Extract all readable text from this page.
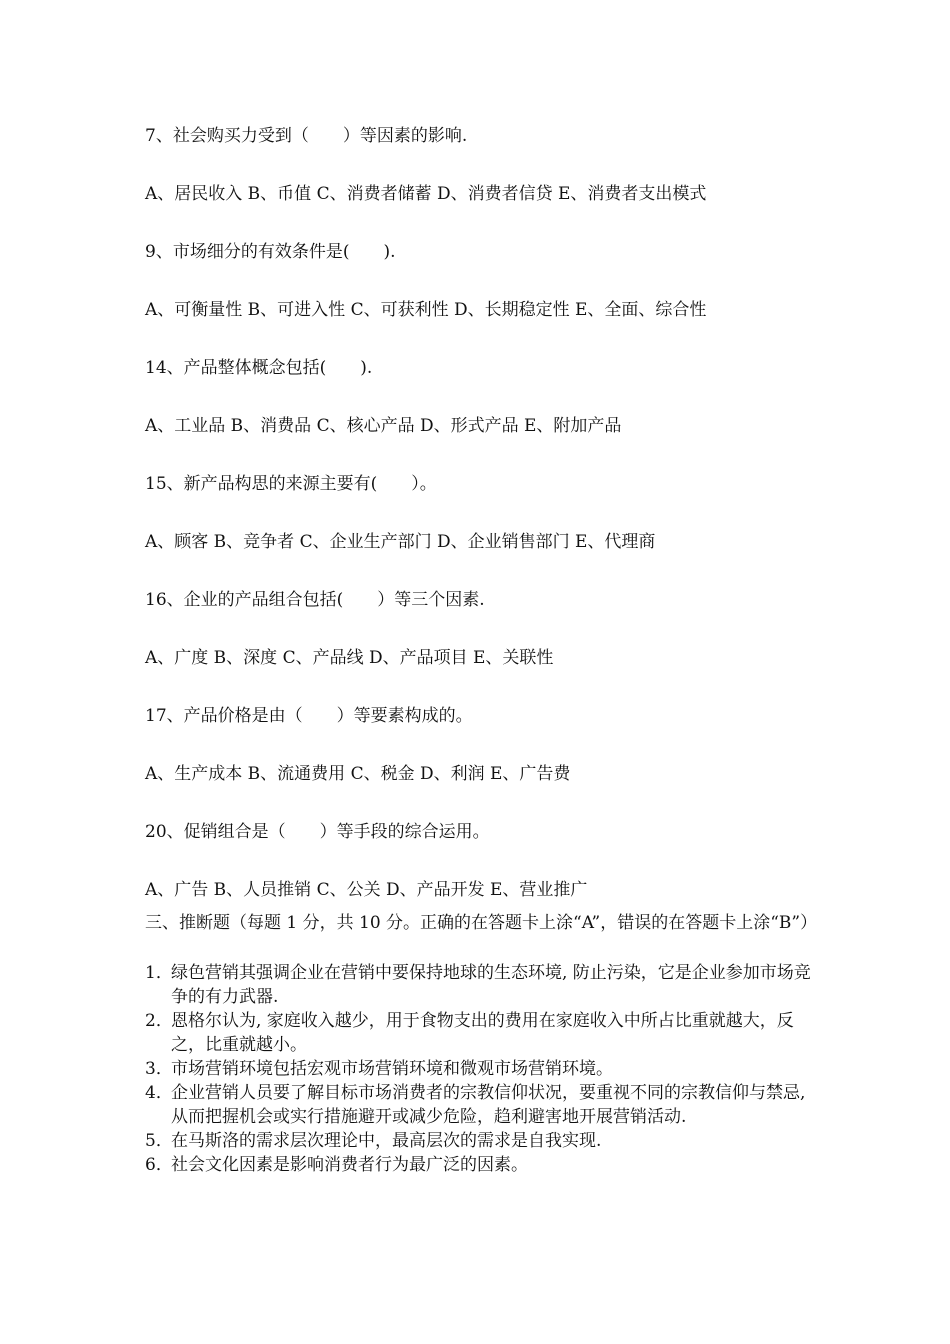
7、社会购买力受到（　　）等因素的影响.
A、居民收入 B、币值 C、消费者储蓄 D、消费者信贷 E、消费者支出模式
9、市场细分的有效条件是(　　).
A、可衡量性 B、可进入性 C、可获利性 D、长期稳定性 E、全面、综合性
14、产品整体概念包括(　　).
A、工业品 B、消费品 C、核心产品 D、形式产品 E、附加产品
15、新产品构思的来源主要有(　　）。
A、顾客 B、竞争者 C、企业生产部门 D、企业销售部门 E、代理商
16、企业的产品组合包括(　　）等三个因素.
A、广度 B、深度 C、产品线 D、产品项目 E、关联性
17、产品价格是由（　　）等要素构成的。
A、生产成本 B、流通费用 C、税金 D、利润 E、广告费
20、促销组合是（　　）等手段的综合运用。
A、广告 B、人员推销 C、公关 D、产品开发 E、营业推广
三、推断题（每题 1 分，共 10 分。正确的在答题卡上涂“A”，错误的在答题卡上涂“B”）
1．
绿色营销其强调企业在营销中要保持地球的生态环境, 防止污染，它是企业参加市场竞争的有力武器.
2．
恩格尔认为, 家庭收入越少，用于食物支出的费用在家庭收入中所占比重就越大，反之，比重就越小。
3．
市场营销环境包括宏观市场营销环境和微观市场营销环境。
4．
企业营销人员要了解目标市场消费者的宗教信仰状况，要重视不同的宗教信仰与禁忌, 从而把握机会或实行措施避开或减少危险，趋利避害地开展营销活动.
5．
在马斯洛的需求层次理论中，最高层次的需求是自我实现.
6．
社会文化因素是影响消费者行为最广泛的因素。
